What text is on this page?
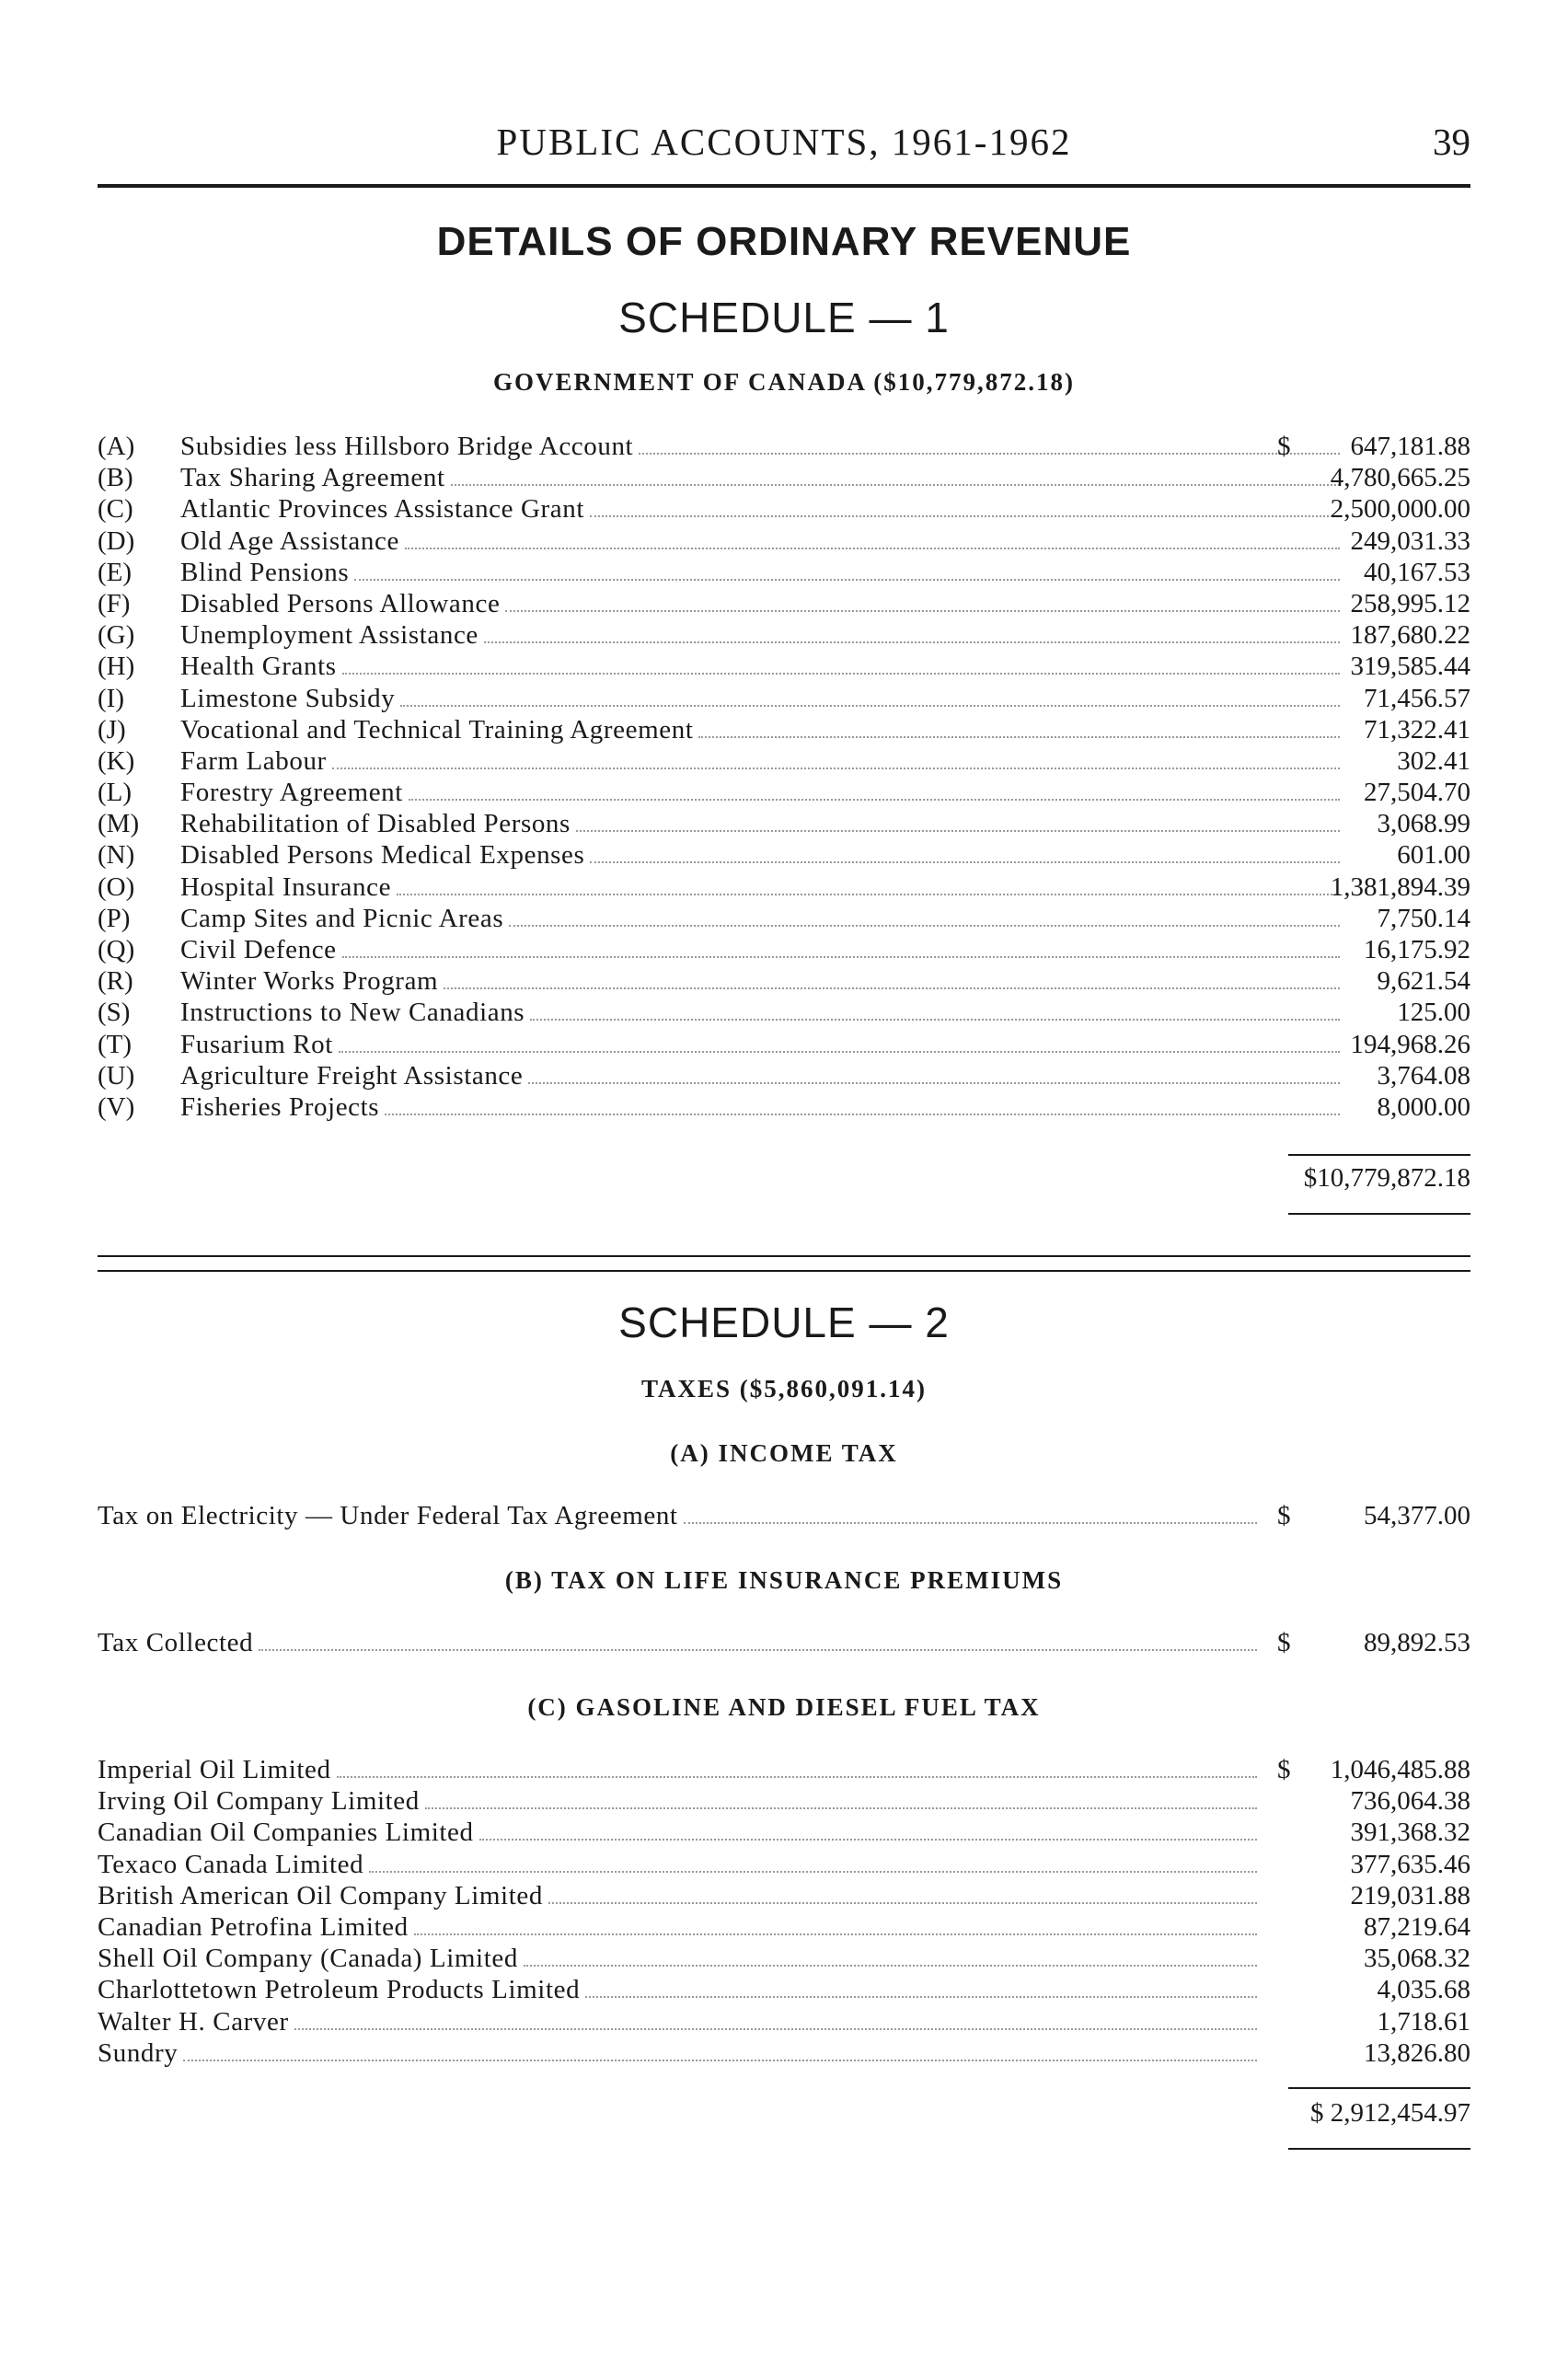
PUBLIC ACCOUNTS, 1961-1962	39
DETAILS OF ORDINARY REVENUE
SCHEDULE — 1
GOVERNMENT OF CANADA ($10,779,872.18)
(A)	Subsidies less Hillsboro Bridge Account	$	647,181.88
(B)	Tax Sharing Agreement	4,780,665.25
(C)	Atlantic Provinces Assistance Grant	2,500,000.00
(D)	Old Age Assistance	249,031.33
(E)	Blind Pensions	40,167.53
(F)	Disabled Persons Allowance	258,995.12
(G)	Unemployment Assistance	187,680.22
(H)	Health Grants	319,585.44
(I)	Limestone Subsidy	71,456.57
(J)	Vocational and Technical Training Agreement	71,322.41
(K)	Farm Labour	302.41
(L)	Forestry Agreement	27,504.70
(M)	Rehabilitation of Disabled Persons	3,068.99
(N)	Disabled Persons Medical Expenses	601.00
(O)	Hospital Insurance	1,381,894.39
(P)	Camp Sites and Picnic Areas	7,750.14
(Q)	Civil Defence	16,175.92
(R)	Winter Works Program	9,621.54
(S)	Instructions to New Canadians	125.00
(T)	Fusarium Rot	194,968.26
(U)	Agriculture Freight Assistance	3,764.08
(V)	Fisheries Projects	8,000.00
$10,779,872.18
SCHEDULE — 2
TAXES ($5,860,091.14)
(A) INCOME TAX
Tax on Electricity — Under Federal Tax Agreement	$	54,377.00
(B) TAX ON LIFE INSURANCE PREMIUMS
Tax Collected	$	89,892.53
(C) GASOLINE AND DIESEL FUEL TAX
Imperial Oil Limited	$	1,046,485.88
Irving Oil Company Limited	736,064.38
Canadian Oil Companies Limited	391,368.32
Texaco Canada Limited	377,635.46
British American Oil Company Limited	219,031.88
Canadian Petrofina Limited	87,219.64
Shell Oil Company (Canada) Limited	35,068.32
Charlottetown Petroleum Products Limited	4,035.68
Walter H. Carver	1,718.61
Sundry	13,826.80
$ 2,912,454.97
